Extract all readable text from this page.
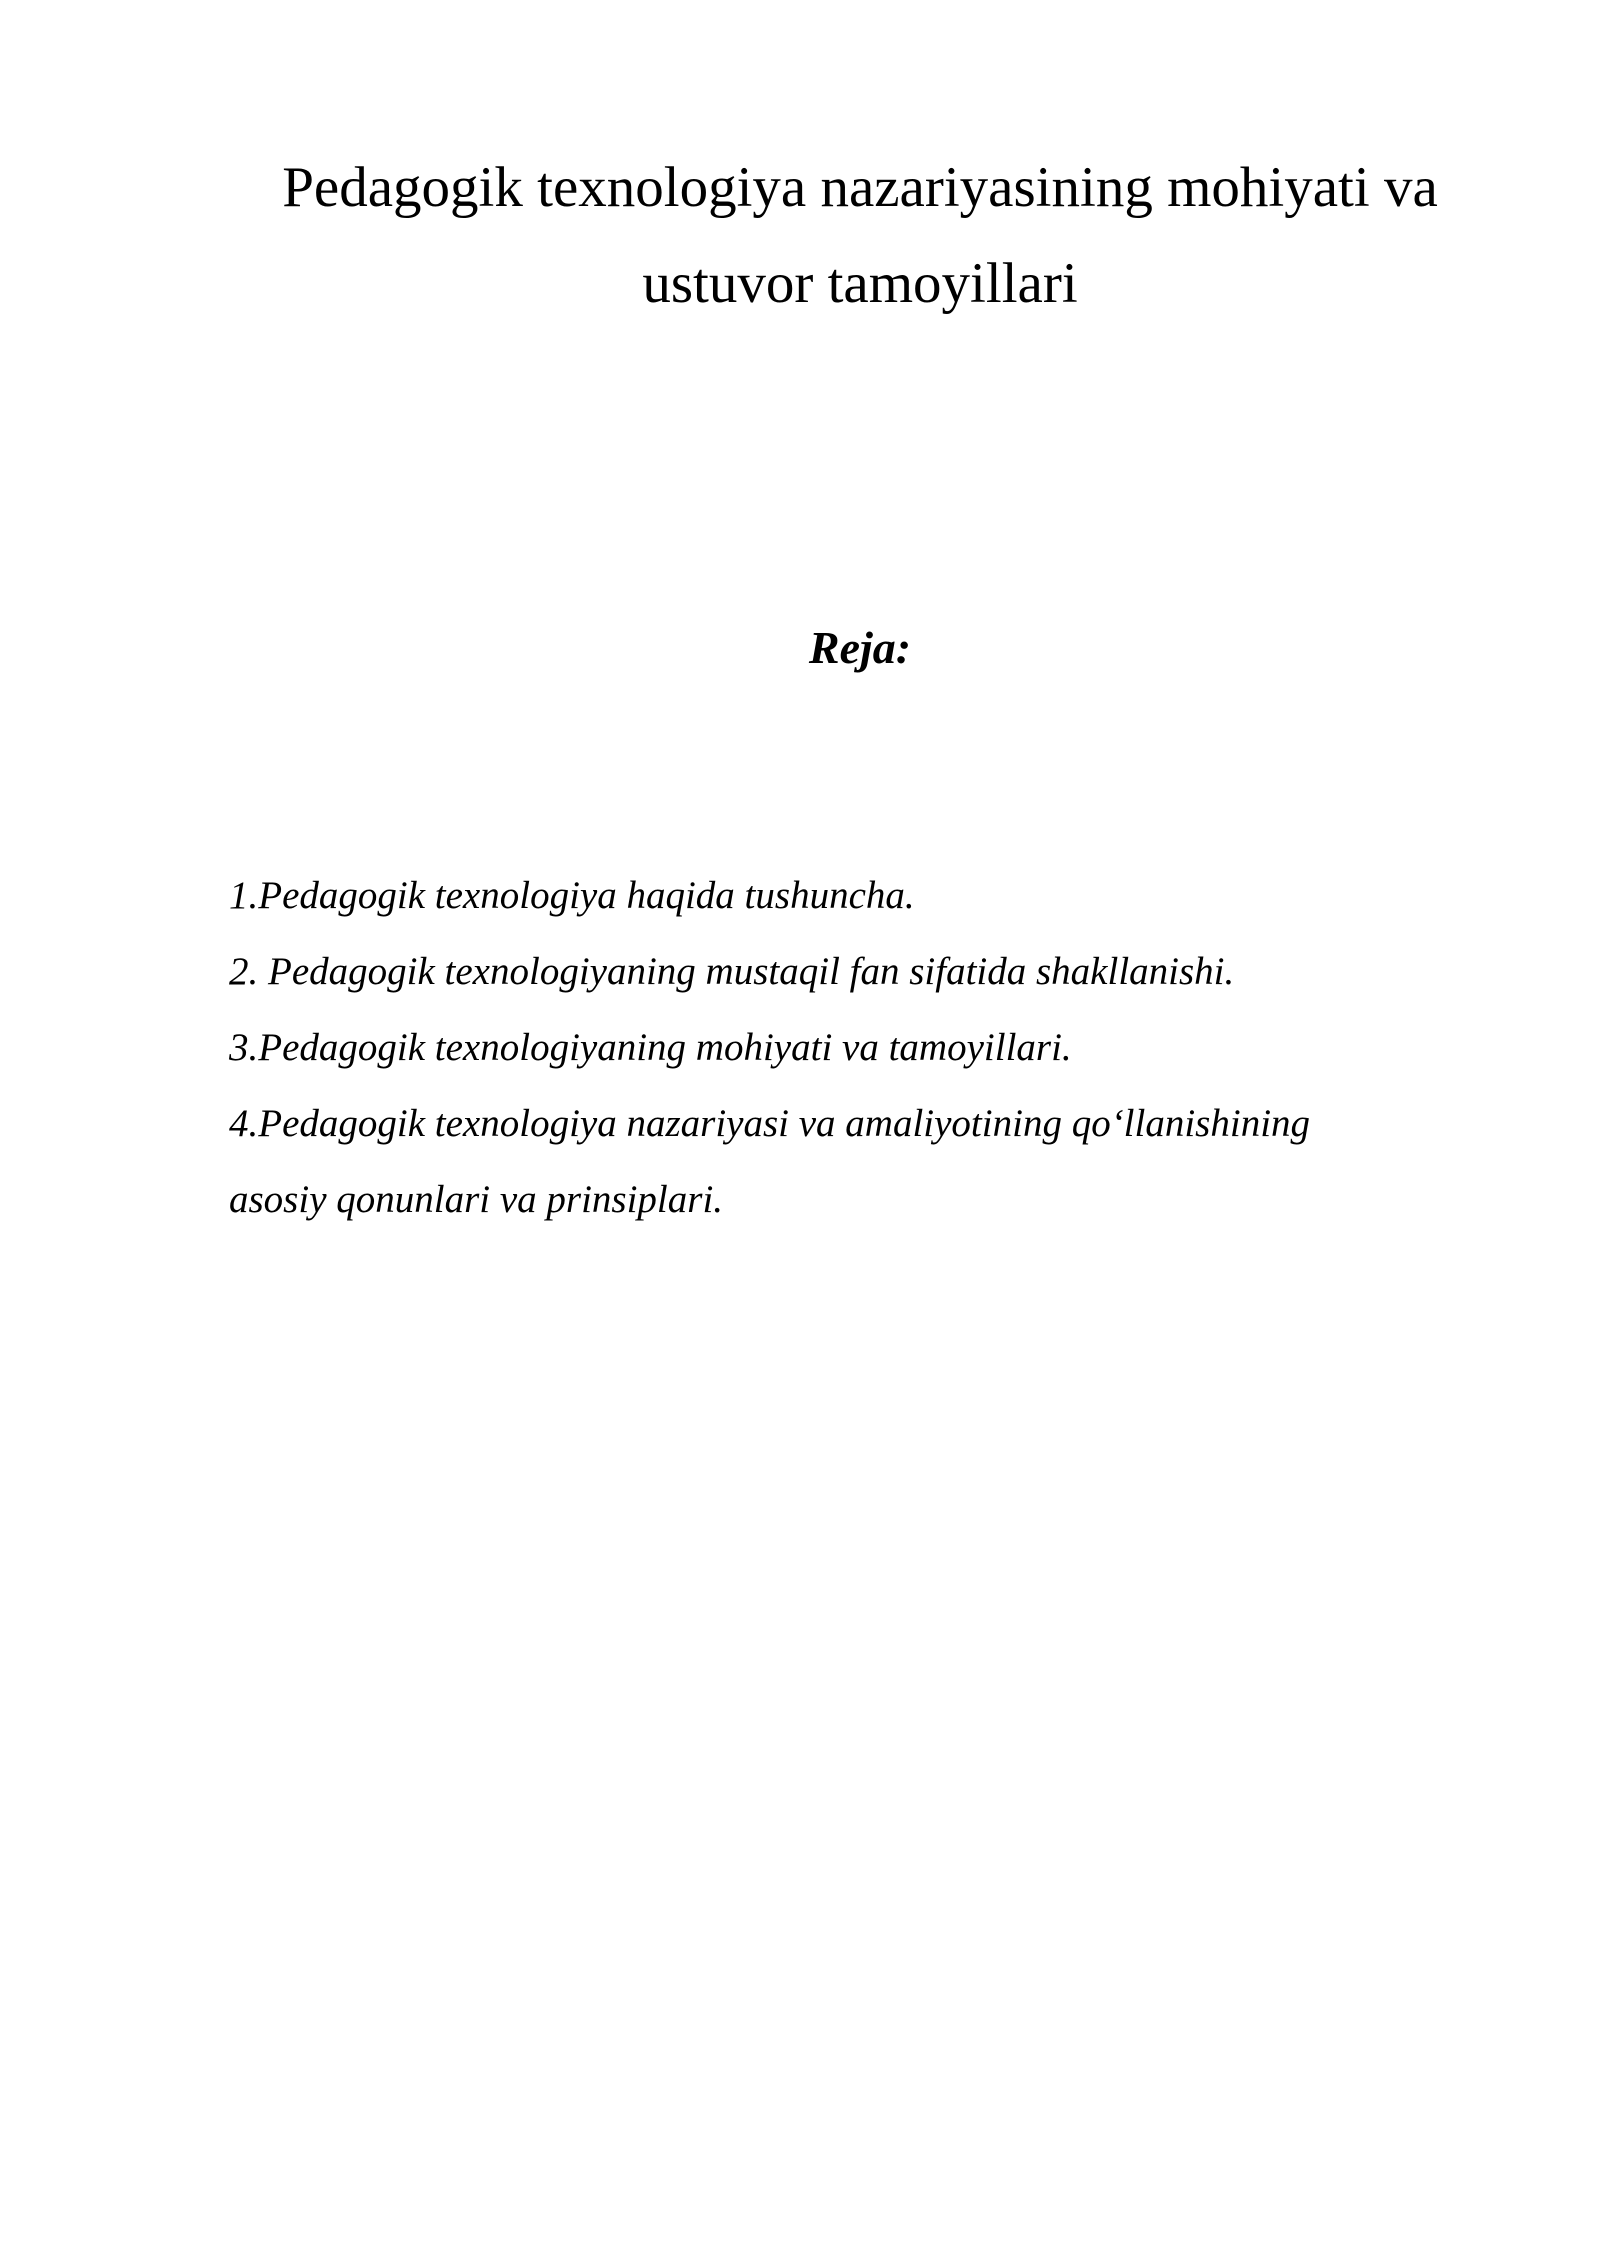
Pedagogik texnologiya nazariyasining mohiyati va
ustuvor tamoyillari
Reja:
1.Pedagogik texnologiya haqida tushuncha.
2. Pedagogik texnologiyaning mustaqil fan sifatida shakllanishi.
3.Pedagogik texnologiyaning mohiyati va tamoyillari.
4.Pedagogik texnologiya nazariyasi va amaliyotining qo‘llanishining
asosiy qonunlari va prinsiplari.
